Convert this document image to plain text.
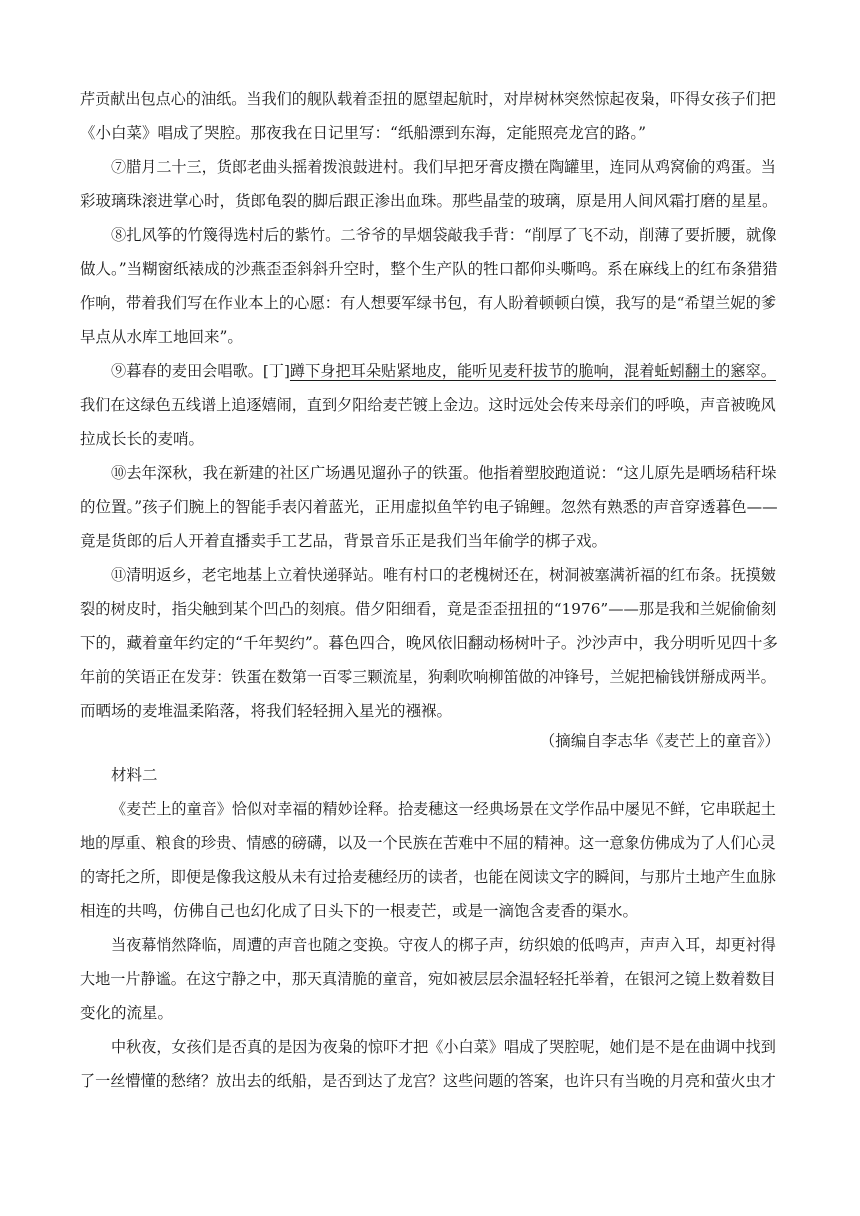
芹贡献出包点心的油纸。当我们的舰队载着歪扭的愿望起航时，对岸树林突然惊起夜枭，吓得女孩子们把
《小白菜》唱成了哭腔。那夜我在日记里写：“纸船漂到东海，定能照亮龙宫的路。”

⑦腊月二十三，货郎老曲头摇着拨浪鼓进村。我们早把牙膏皮攒在陶罐里，连同从鸡窝偷的鸡蛋。当
彩玻璃珠滚进掌心时，货郎龟裂的脚后跟正渗出血珠。那些晶莹的玻璃，原是用人间风霜打磨的星星。

⑧扎风筝的竹篾得选村后的紫竹。二爷爷的旱烟袋敲我手背：“削厚了飞不动，削薄了要折腰，就像
做人。”当糊窗纸裱成的沙燕歪歪斜斜升空时，整个生产队的牲口都仰头嘶鸣。系在麻线上的红布条猎猎
作响，带着我们写在作业本上的心愿：有人想要军绿书包，有人盼着顿顿白馍，我写的是“希望兰妮的爹
早点从水库工地回来”。

⑨暮春的麦田会唱歌。[丁]蹲下身把耳朵贴紧地皮，能听见麦秆拔节的脆响，混着蚯蚓翻土的窸窣。
我们在这绿色五线谱上追逐嬉闹，直到夕阳给麦芒镀上金边。这时远处会传来母亲们的呼唤，声音被晚风
拉成长长的麦哨。

⑩去年深秋，我在新建的社区广场遇见遛孙子的铁蛋。他指着塑胶跑道说：“这儿原先是晒场秸秆垛
的位置。”孩子们腕上的智能手表闪着蓝光，正用虚拟鱼竿钓电子锦鲤。忽然有熟悉的声音穿透暮色——
竟是货郎的后人开着直播卖手工艺品，背景音乐正是我们当年偷学的梆子戏。

⑪清明返乡，老宅地基上立着快递驿站。唯有村口的老槐树还在，树洞被塞满祈福的红布条。抚摸皴
裂的树皮时，指尖触到某个凹凸的刻痕。借夕阳细看，竟是歪歪扭扭的“1976”——那是我和兰妮偷偷刻
下的，藏着童年约定的“千年契约”。暮色四合，晚风依旧翻动杨树叶子。沙沙声中，我分明听见四十多
年前的笑语正在发芽：铁蛋在数第一百零三颗流星，狗剩吹响柳笛做的冲锋号，兰妮把榆钱饼掰成两半。
而晒场的麦堆温柔陷落，将我们轻轻拥入星光的襁褓。

（摘编自李志华《麦芒上的童音》）

材料二

《麦芒上的童音》恰似对幸福的精妙诠释。拾麦穗这一经典场景在文学作品中屡见不鲜，它串联起土
地的厚重、粮食的珍贵、情感的磅礴，以及一个民族在苦难中不屈的精神。这一意象仿佛成为了人们心灵
的寄托之所，即便是像我这般从未有过拾麦穗经历的读者，也能在阅读文字的瞬间，与那片土地产生血脉
相连的共鸣，仿佛自己也幻化成了日头下的一根麦芒，或是一滴饱含麦香的渠水。

当夜幕悄然降临，周遭的声音也随之变换。守夜人的梆子声，纺织娘的低鸣声，声声入耳，却更衬得
大地一片静谧。在这宁静之中，那天真清脆的童音，宛如被层层余温轻轻托举着，在银河之镜上数着数目
变化的流星。

中秋夜，女孩们是否真的是因为夜枭的惊吓才把《小白菜》唱成了哭腔呢，她们是不是在曲调中找到
了一丝懵懂的愁绪？放出去的纸船，是否到达了龙宫？这些问题的答案，也许只有当晚的月亮和萤火虫才
